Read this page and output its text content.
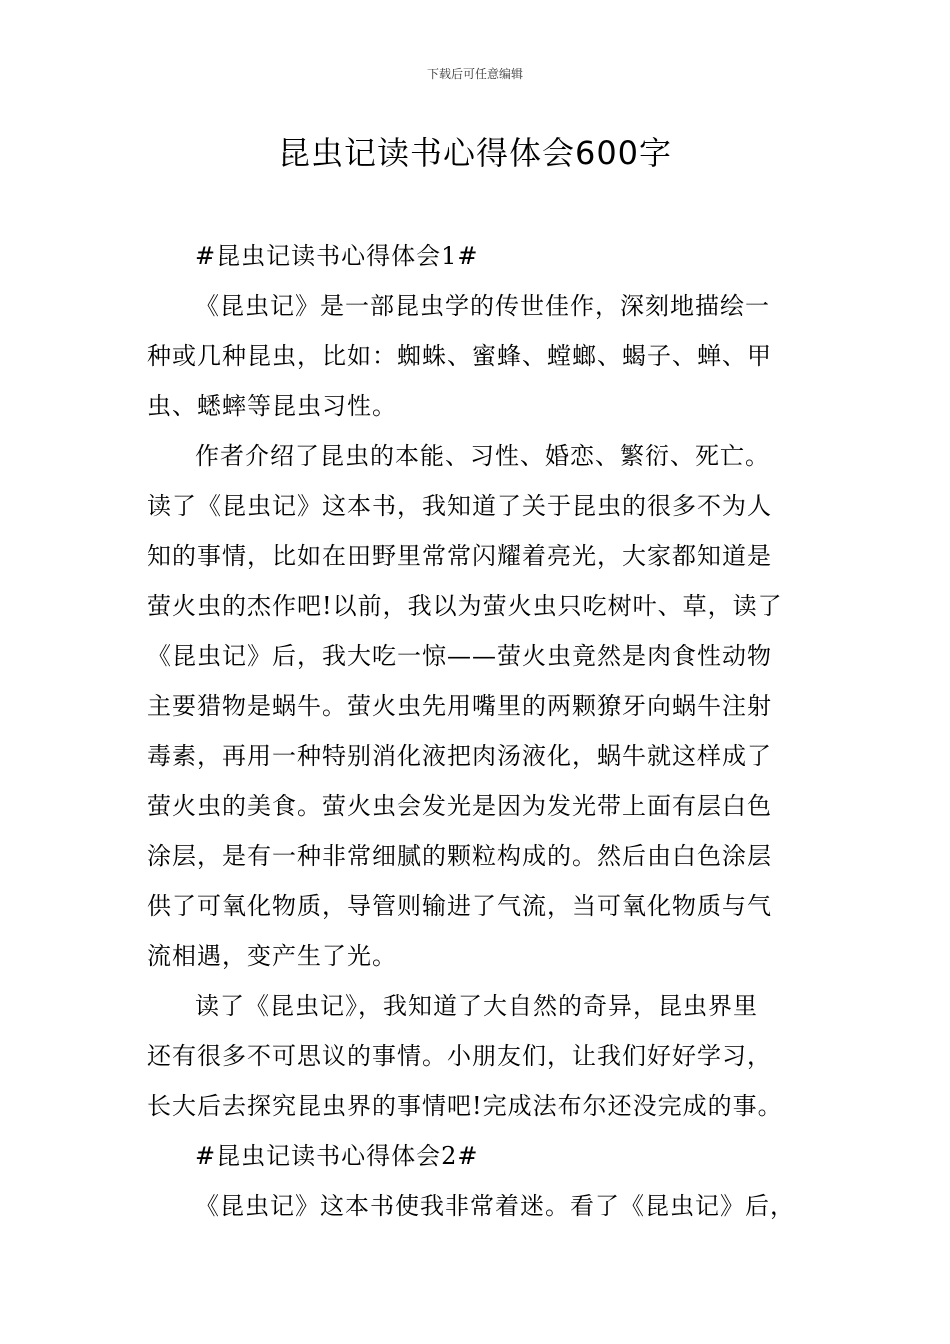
下载后可任意编辑
昆虫记读书心得体会600字
#昆虫记读书心得体会1#
《昆虫记》是一部昆虫学的传世佳作，深刻地描绘一
种或几种昆虫，比如：蜘蛛、蜜蜂、螳螂、蝎子、蝉、甲
虫、蟋蟀等昆虫习性。
作者介绍了昆虫的本能、习性、婚恋、繁衍、死亡。
读了《昆虫记》这本书，我知道了关于昆虫的很多不为人
知的事情，比如在田野里常常闪耀着亮光，大家都知道是
萤火虫的杰作吧!以前，我以为萤火虫只吃树叶、草，读了
《昆虫记》后，我大吃一惊——萤火虫竟然是肉食性动物
主要猎物是蜗牛。萤火虫先用嘴里的两颗獠牙向蜗牛注射
毒素，再用一种特别消化液把肉汤液化，蜗牛就这样成了
萤火虫的美食。萤火虫会发光是因为发光带上面有层白色
涂层，是有一种非常细腻的颗粒构成的。然后由白色涂层
供了可氧化物质，导管则输进了气流，当可氧化物质与气
流相遇，变产生了光。
读了《昆虫记》，我知道了大自然的奇异，昆虫界里
还有很多不可思议的事情。小朋友们，让我们好好学习，
长大后去探究昆虫界的事情吧!完成法布尔还没完成的事。
#昆虫记读书心得体会2#
《昆虫记》这本书使我非常着迷。看了《昆虫记》后，
